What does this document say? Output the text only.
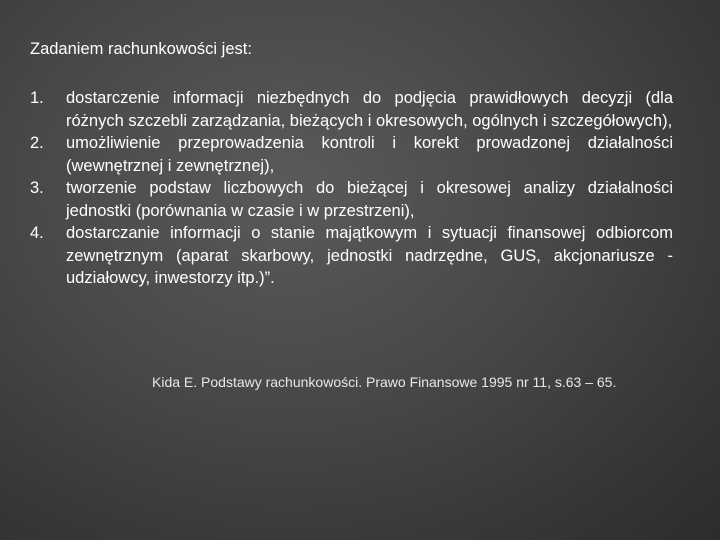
Zadaniem rachunkowości jest:
1. dostarczenie informacji niezbędnych do podjęcia prawidłowych decyzji (dla różnych szczebli zarządzania, bieżących i okresowych, ogólnych i szczegółowych),
2. umożliwienie przeprowadzenia kontroli i korekt prowadzonej działalności (wewnętrznej i zewnętrznej),
3. tworzenie podstaw liczbowych do bieżącej i okresowej analizy działalności jednostki (porównania w czasie i w przestrzeni),
4. dostarczanie informacji o stanie majątkowym i sytuacji finansowej odbiorcom zewnętrznym (aparat skarbowy, jednostki nadrzędne, GUS, akcjonariusze - udziałowcy, inwestorzy itp.)”.
Kida E. Podstawy rachunkowości. Prawo Finansowe 1995 nr 11, s.63 – 65.
